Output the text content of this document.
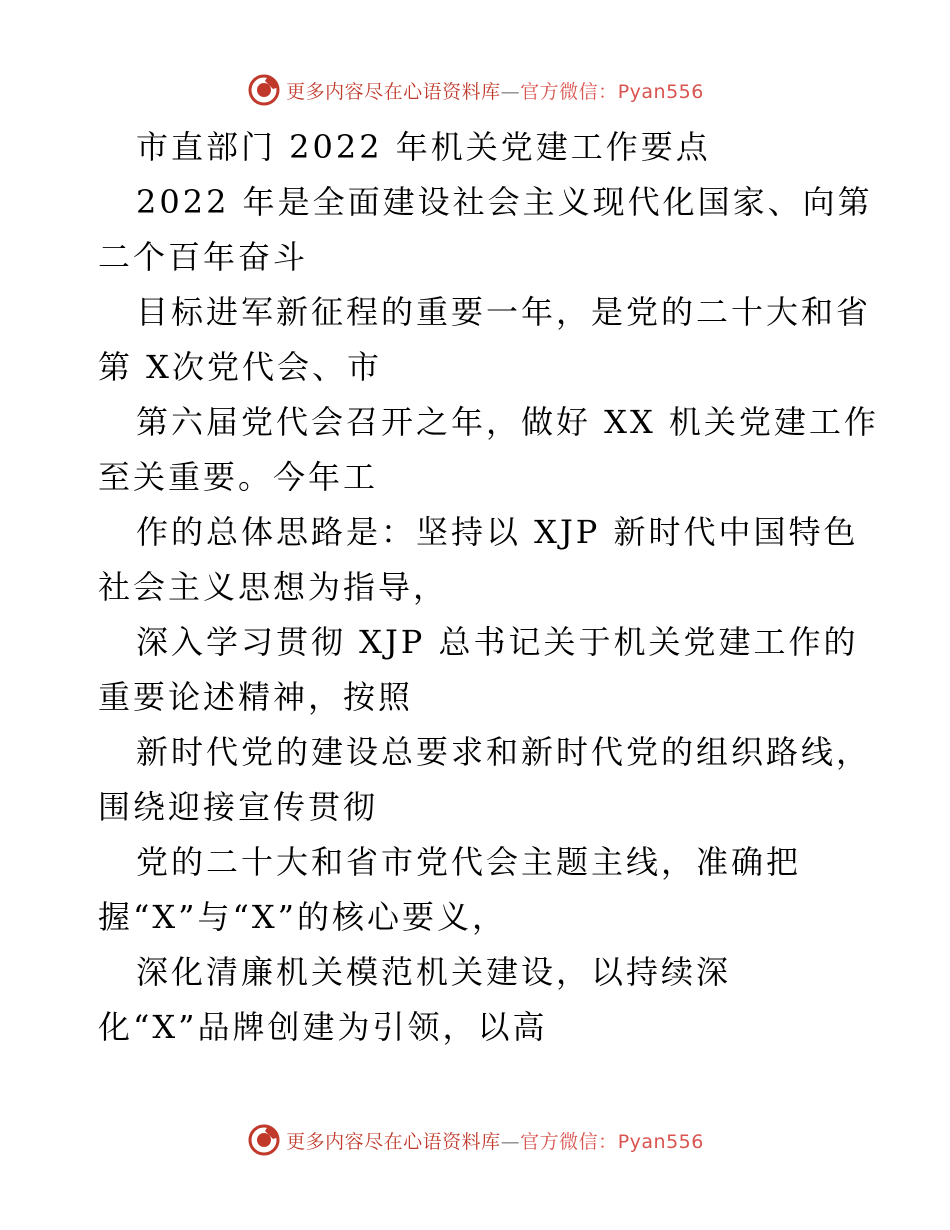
更多内容尽在心语资料库—官方微信：Pyan556
市直部门 2022 年机关党建工作要点
2022 年是全面建设社会主义现代化国家、向第
二个百年奋斗
目标进军新征程的重要一年，是党的二十大和省
第 X次党代会、市
第六届党代会召开之年，做好 XX 机关党建工作
至关重要。今年工
作的总体思路是：坚持以 XJP 新时代中国特色
社会主义思想为指导，
深入学习贯彻 XJP 总书记关于机关党建工作的
重要论述精神，按照
新时代党的建设总要求和新时代党的组织路线，
围绕迎接宣传贯彻
党的二十大和省市党代会主题主线，准确把
握“X”与“X”的核心要义，
深化清廉机关模范机关建设，以持续深
化“X”品牌创建为引领，以高
更多内容尽在心语资料库—官方微信：Pyan556
